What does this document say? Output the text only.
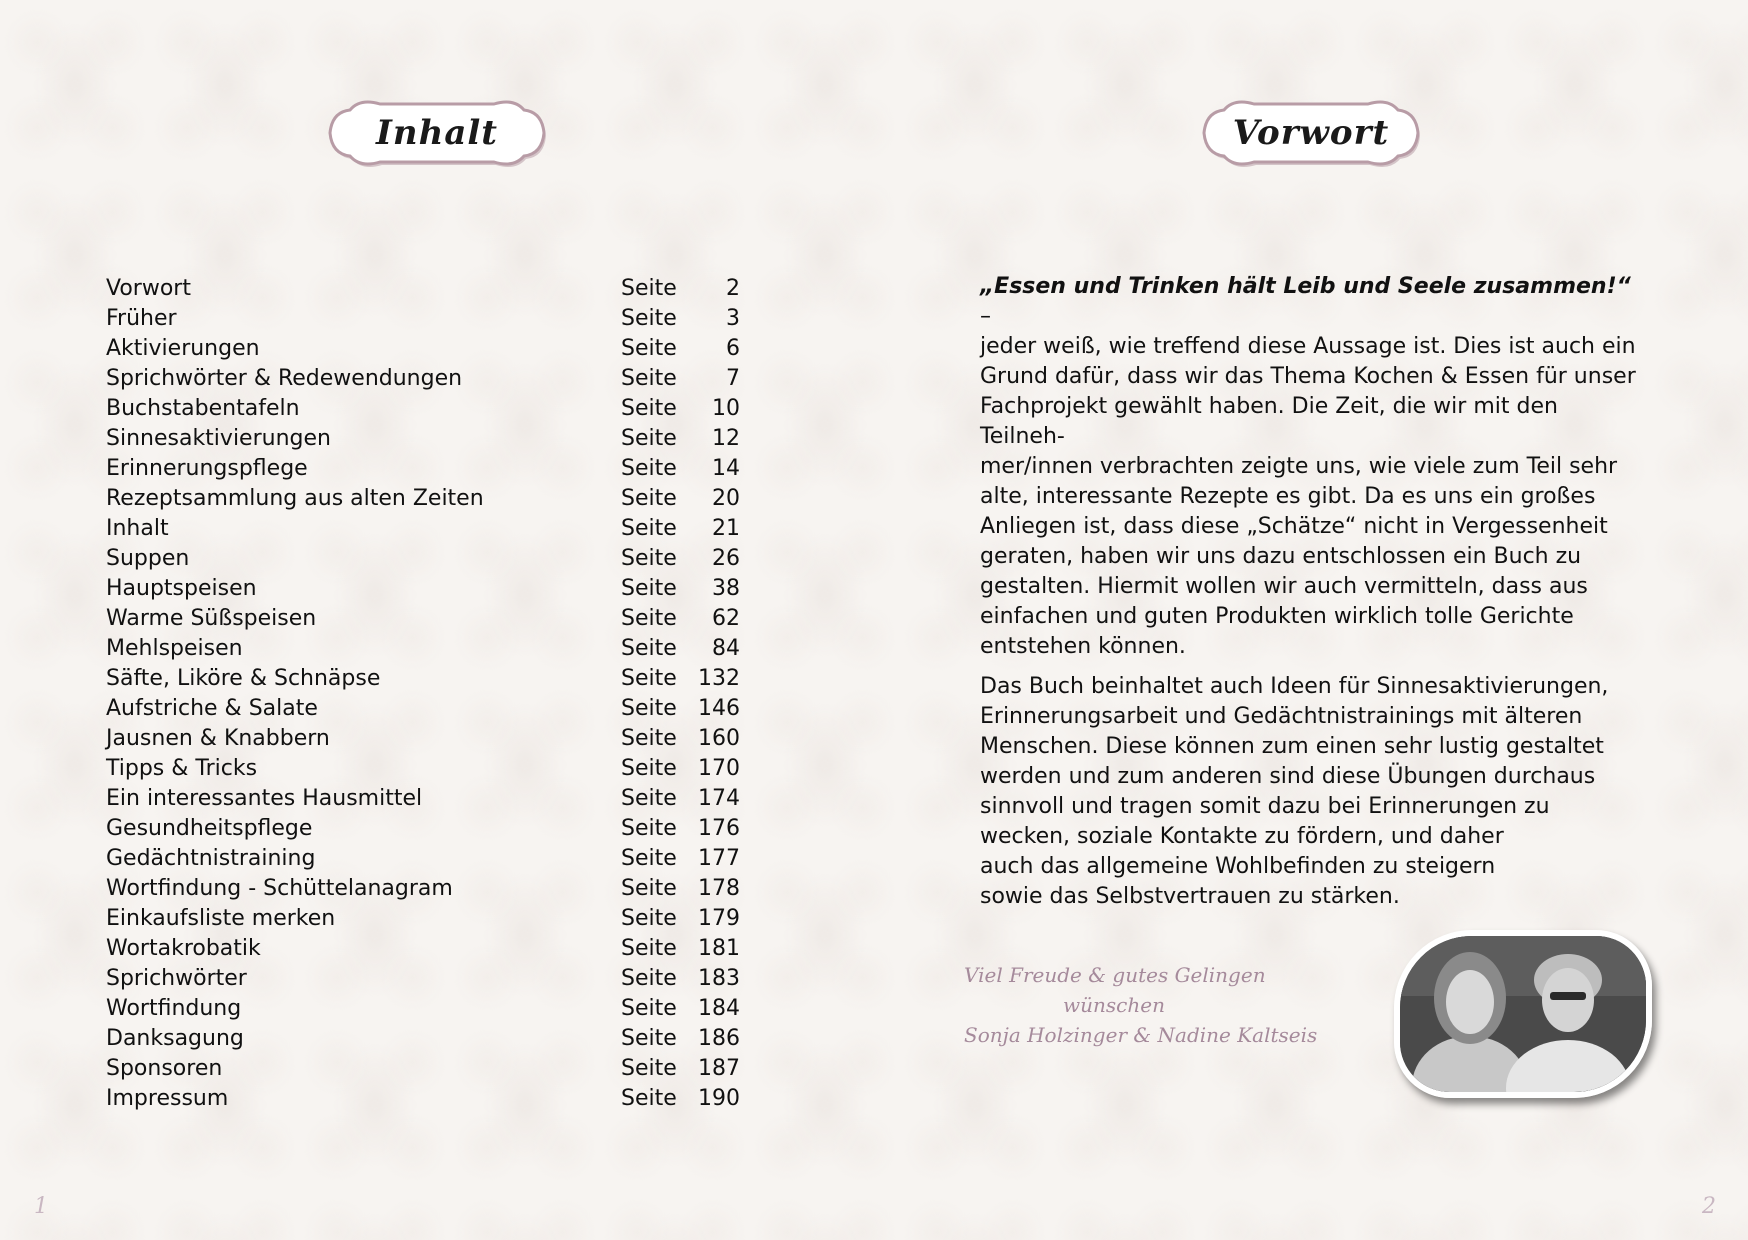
Inhalt
Vorwort	Seite	2
Früher	Seite	3
Aktivierungen	Seite	6
Sprichwörter & Redewendungen	Seite	7
Buchstabentafeln	Seite	10
Sinnesaktivierungen	Seite	12
Erinnerungspflege	Seite	14
Rezeptsammlung aus alten Zeiten	Seite	20
Inhalt	Seite	21
Suppen	Seite	26
Hauptspeisen	Seite	38
Warme Süßspeisen	Seite	62
Mehlspeisen	Seite	84
Säfte, Liköre & Schnäpse	Seite 132
Aufstriche & Salate	Seite 146
Jausnen & Knabbern	Seite 160
Tipps & Tricks	Seite 170
Ein interessantes Hausmittel	Seite 174
Gesundheitspflege	Seite 176
Gedächtnistraining	Seite 177
Wortfindung - Schüttelanagram	Seite 178
Einkaufsliste merken	Seite 179
Wortakrobatik	Seite 181
Sprichwörter	Seite 183
Wortfindung	Seite 184
Danksagung	Seite 186
Sponsoren	Seite 187
Impressum	Seite 190
1
Vorwort
„Essen und Trinken hält Leib und Seele zusammen!“ –
jeder weiß, wie treffend diese Aussage ist. Dies ist auch ein
Grund dafür, dass wir das Thema Kochen & Essen für unser
Fachprojekt gewählt haben. Die Zeit, die wir mit den Teilneh-
mer/innen verbrachten zeigte uns, wie viele zum Teil sehr
alte, interessante Rezepte es gibt. Da es uns ein großes
Anliegen ist, dass diese „Schätze“ nicht in Vergessenheit
geraten, haben wir uns dazu entschlossen ein Buch zu
gestalten. Hiermit wollen wir auch vermitteln, dass aus
einfachen und guten Produkten wirklich tolle Gerichte
entstehen können.
Das Buch beinhaltet auch Ideen für Sinnesaktivierungen,
Erinnerungsarbeit und Gedächtnistrainings mit älteren
Menschen. Diese können zum einen sehr lustig gestaltet
werden und zum anderen sind diese Übungen durchaus
sinnvoll und tragen somit dazu bei Erinnerungen zu
wecken, soziale Kontakte zu fördern, und daher
auch das allgemeine Wohlbefinden zu steigern
sowie das Selbstvertrauen zu stärken.
Viel Freude & gutes Gelingen
wünschen
Sonja Holzinger & Nadine Kaltseis
2
